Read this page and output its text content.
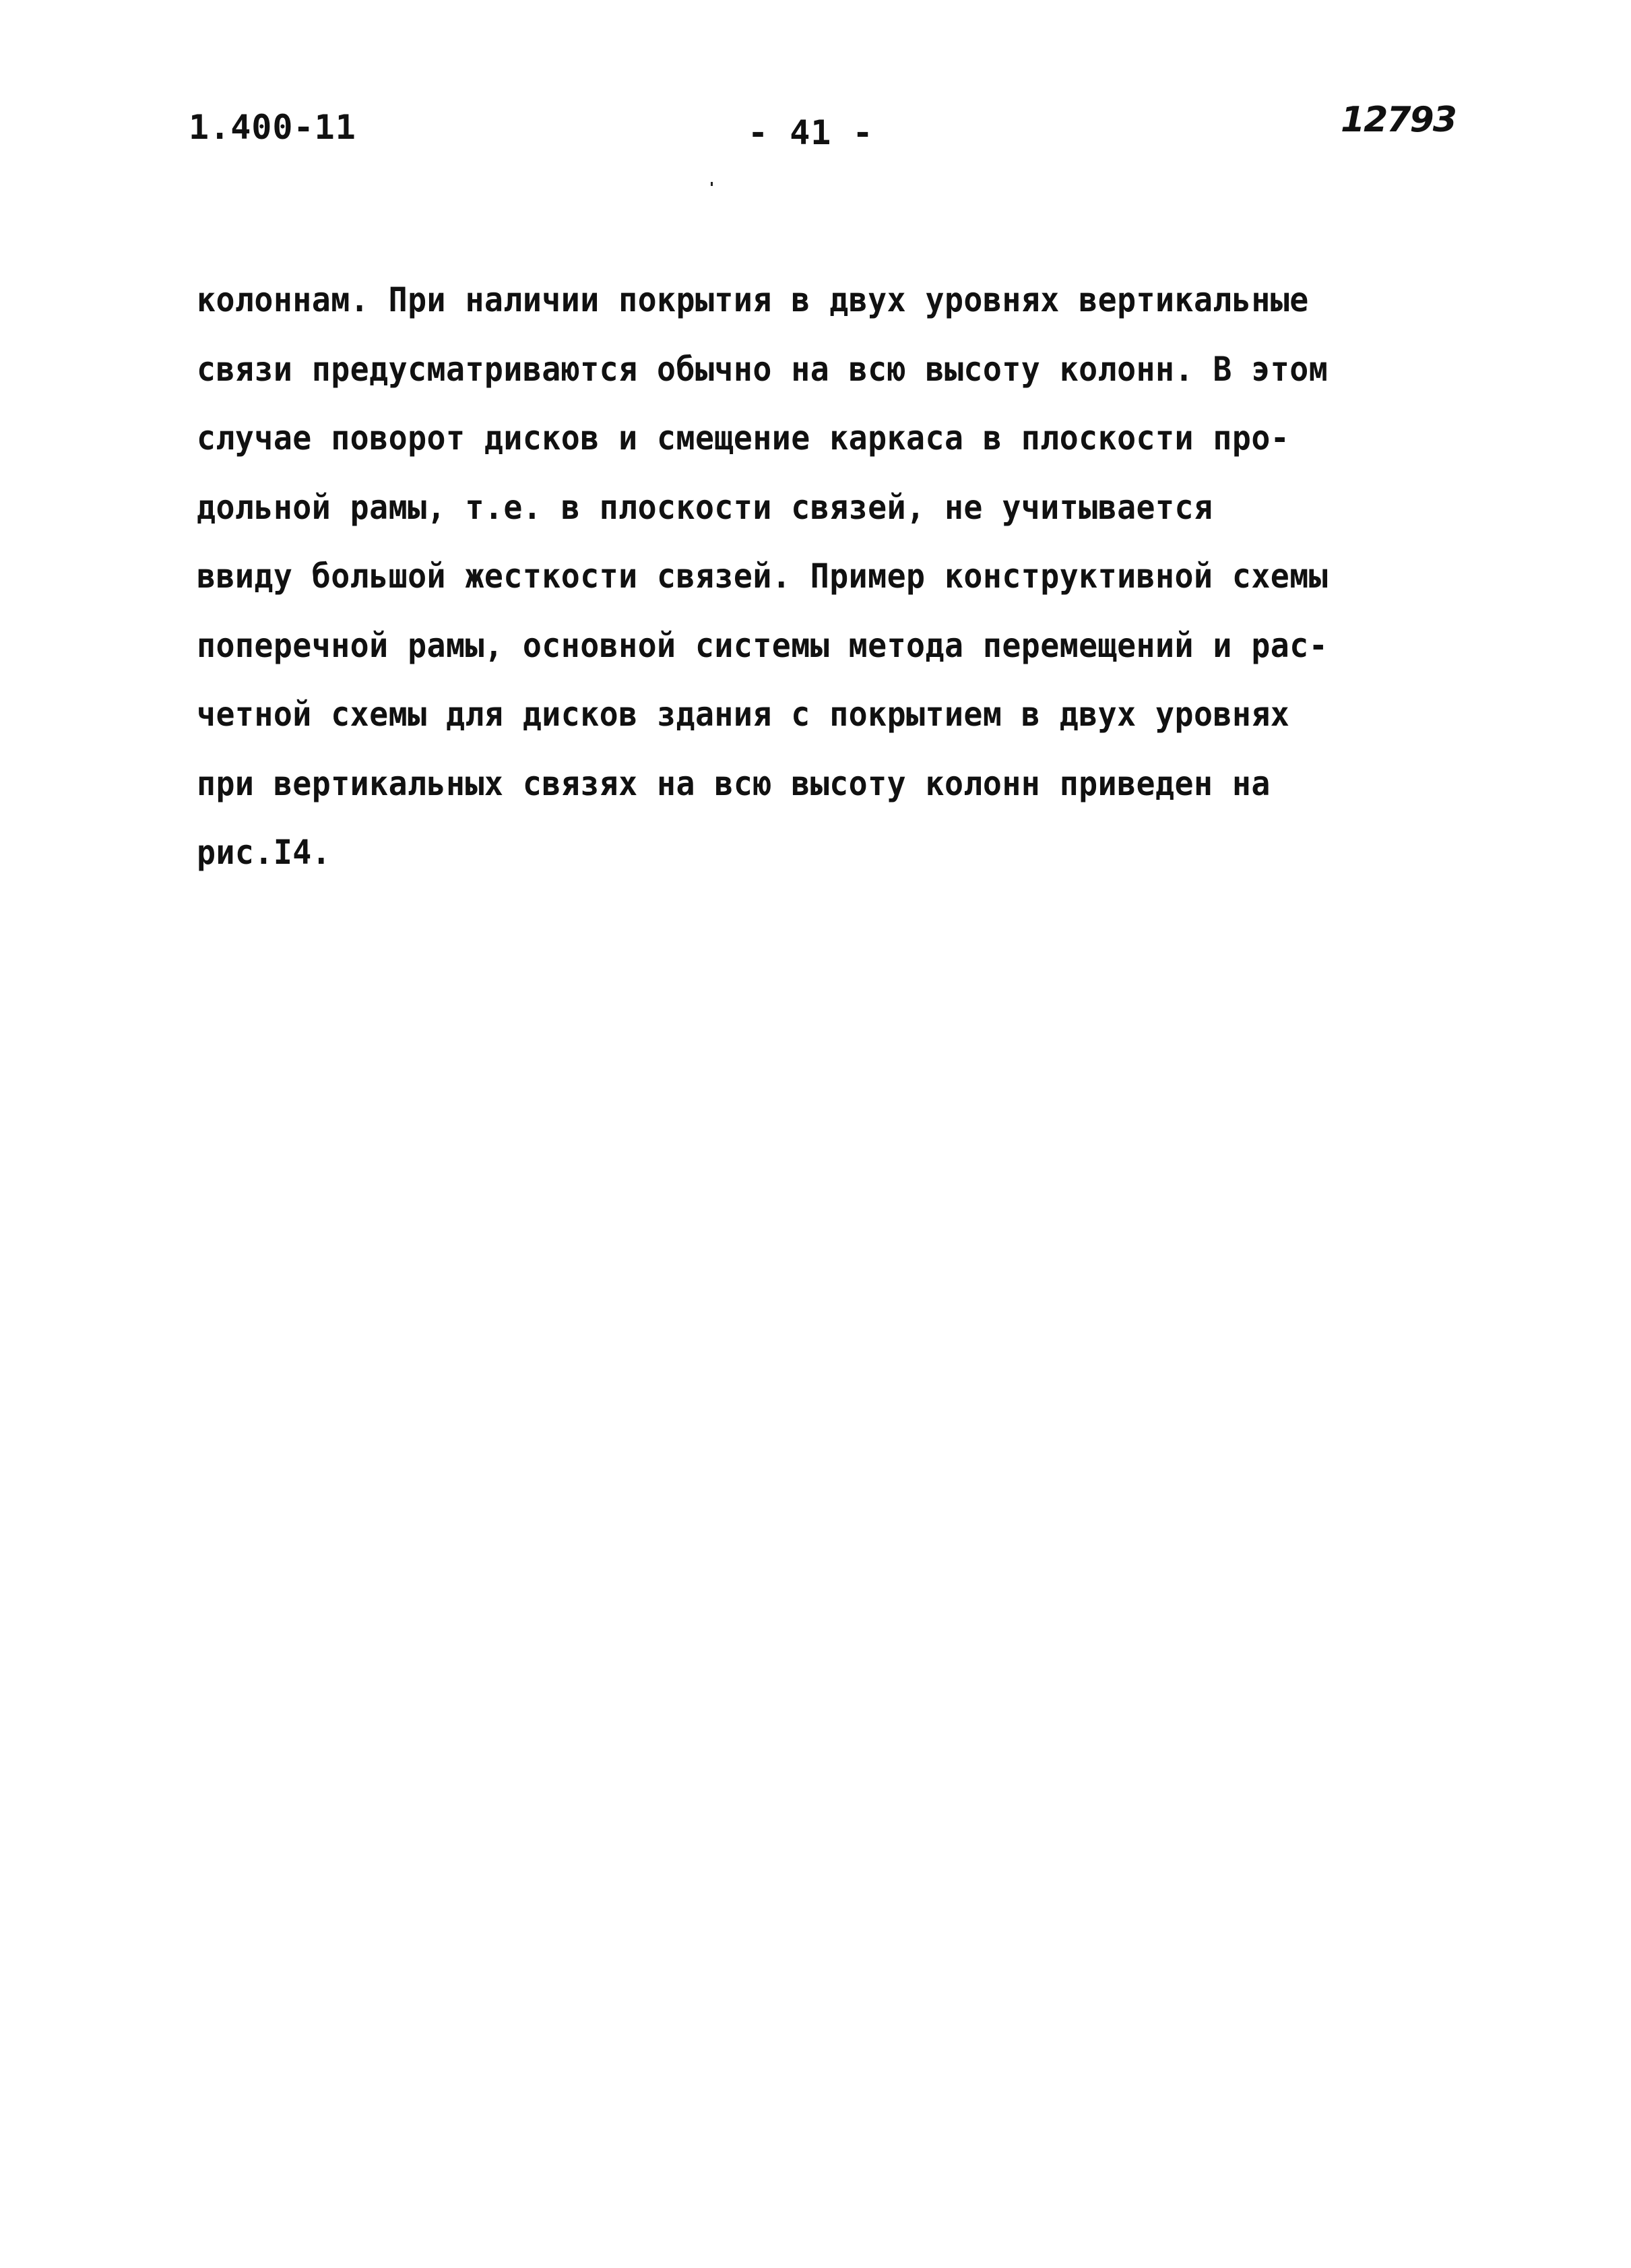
1.400-11	- 41 -	12793
колоннам. При наличии покрытия в двух уровнях вертикальные
связи предусматриваются обычно на всю высоту колонн. В этом
случае поворот дисков и смещение каркаса в плоскости про-
дольной рамы, т.е. в плоскости связей, не учитывается
ввиду большой жесткости связей. Пример конструктивной схемы
поперечной рамы, основной системы метода перемещений и рас-
четной схемы для дисков здания с покрытием в двух уровнях
при вертикальных связях на всю высоту колонн приведен на
рис.I4.
